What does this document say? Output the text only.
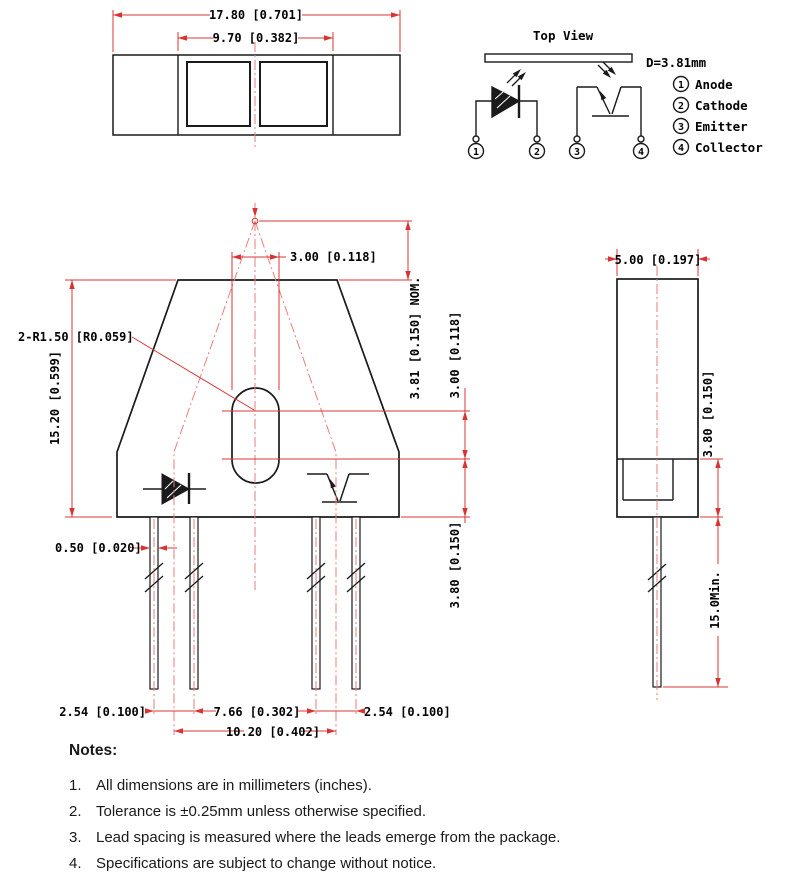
17.80 [0.701]
9.70 [0.382]	Top View
D=3.81mm
1	2	3	4
1 Anode
2 Cathode
3 Emitter
4 Collector
3.00 [0.118]
3.81 [0.150] NOM.
2-R1.50 [R0.059]
15.20 [0.599]
0.50 [0.020]
3.00 [0.118]
3.80 [0.150]
2.54 [0.100]	7.66 [0.302]	2.54 [0.100]
10.20 [0.402]
5.00 [0.197]
3.80 [0.150]
15.0Min.
Notes:
1. All dimensions are in millimeters (inches).
2. Tolerance is ±0.25mm unless otherwise specified.
3. Lead spacing is measured where the leads emerge from the package.
4. Specifications are subject to change without notice.
